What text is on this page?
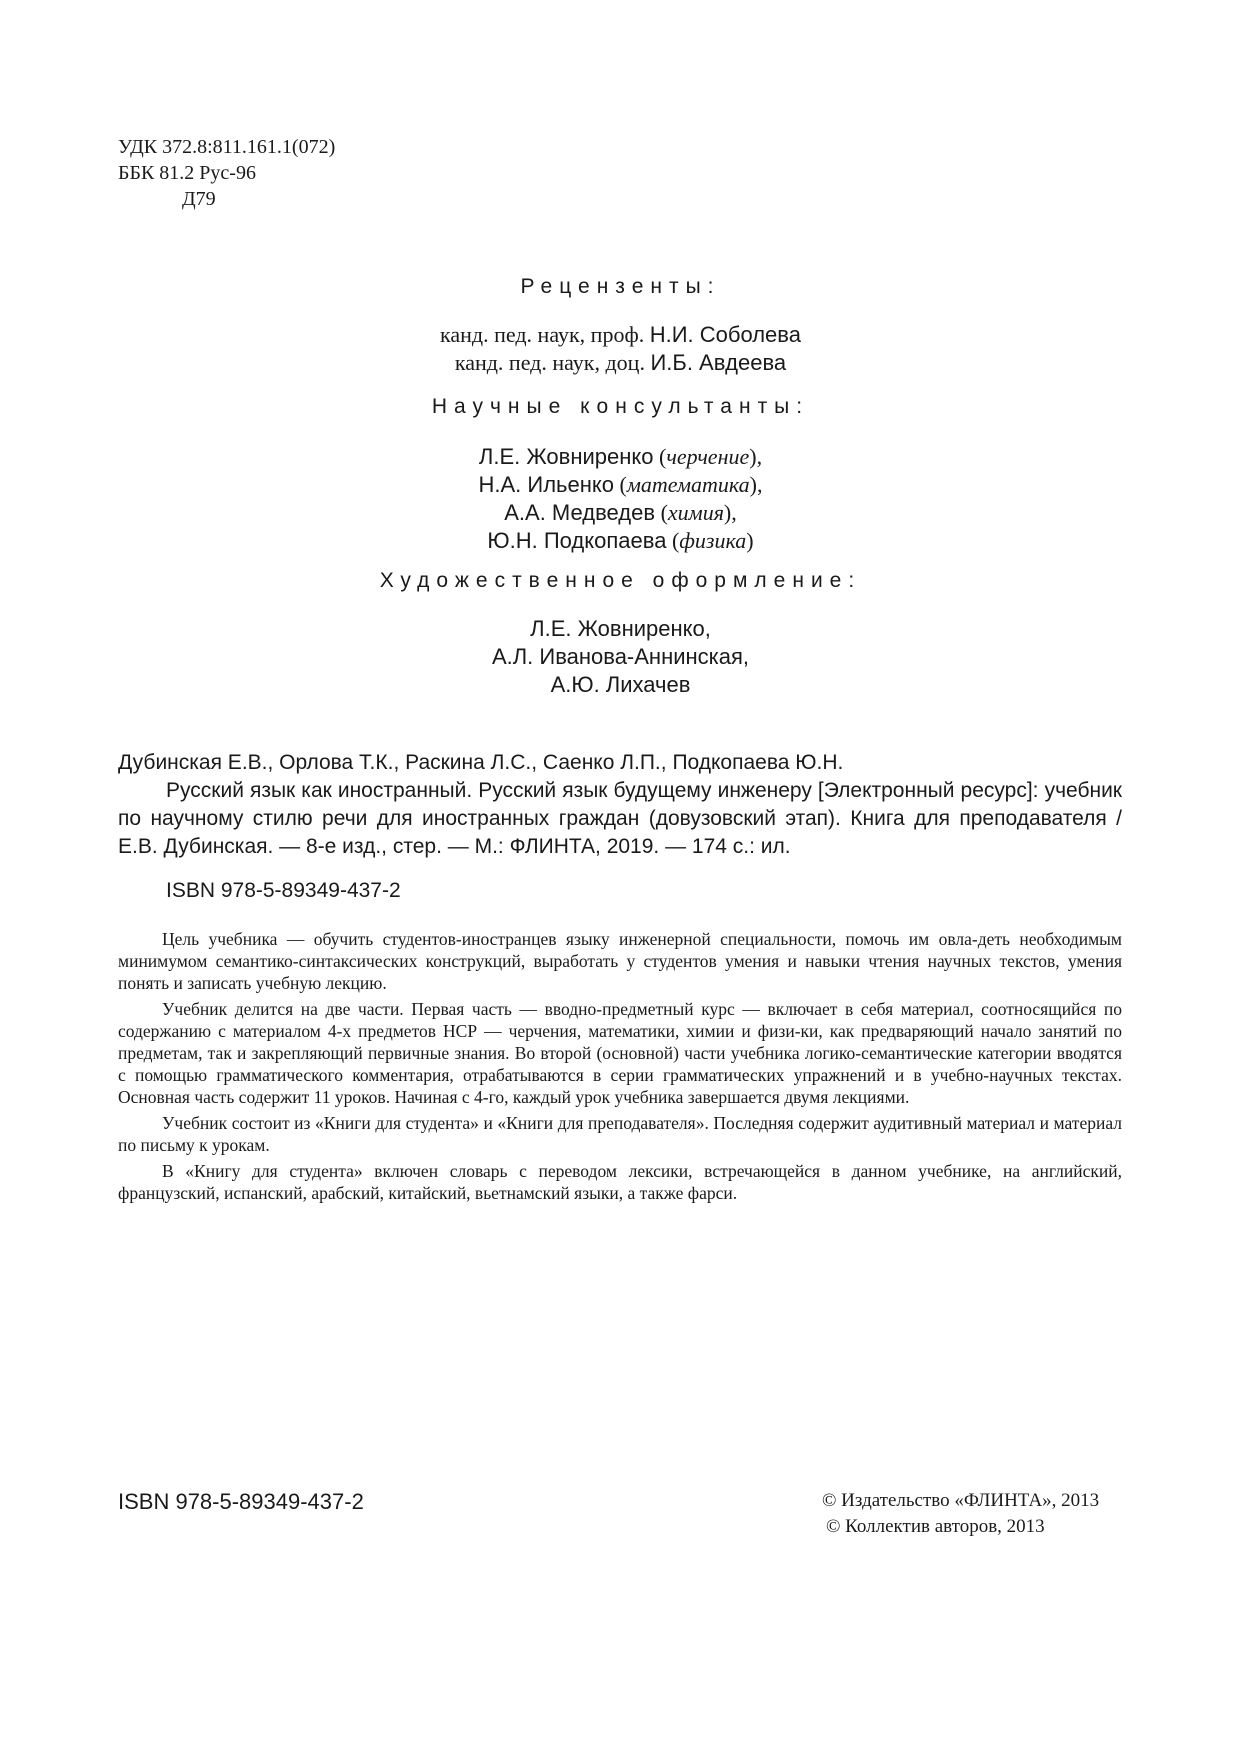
УДК 372.8:811.161.1(072)
ББК 81.2 Рус-96
Д79
Рецензенты:
канд. пед. наук, проф. Н.И. Соболева
канд. пед. наук, доц. И.Б. Авдеева
Научные консультанты:
Л.Е. Жовниренко (черчение),
Н.А. Ильенко (математика),
А.А. Медведев (химия),
Ю.Н. Подкопаева (физика)
Художественное оформление:
Л.Е. Жовниренко,
А.Л. Иванова-Аннинская,
А.Ю. Лихачев
Дубинская Е.В., Орлова Т.К., Раскина Л.С., Саенко Л.П., Подкопаева Ю.Н.

Русский язык как иностранный. Русский язык будущему инженеру [Электронный ресурс]: учебник по научному стилю речи для иностранных граждан (довузовский этап). Книга для преподавателя / Е.В. Дубинская. — 8-е изд., стер. — М.: ФЛИНТА, 2019. — 174 с.: ил.

ISBN 978-5-89349-437-2

Цель учебника — обучить студентов-иностранцев языку инженерной специальности, помочь им овла-деть необходимым минимумом семантико-синтаксических конструкций, выработать у студентов умения и навыки чтения научных текстов, умения понять и записать учебную лекцию.

Учебник делится на две части. Первая часть — вводно-предметный курс — включает в себя материал, соотносящийся по содержанию с материалом 4-х предметов НСР — черчения, математики, химии и физи-ки, как предваряющий начало занятий по предметам, так и закрепляющий первичные знания. Во второй (основной) части учебника логико-семантические категории вводятся с помощью грамматического комментария, отрабатываются в серии грамматических упражнений и в учебно-научных текстах. Основная часть содержит 11 уроков. Начиная с 4-го, каждый урок учебника завершается двумя лекциями.

Учебник состоит из «Книги для студента» и «Книги для преподавателя». Последняя содержит аудитивный материал и материал по письму к урокам.

В «Книгу для студента» включен словарь с переводом лексики, встречающейся в данном учебнике, на английский, французский, испанский, арабский, китайский, вьетнамский языки, а также фарси.

ISBN 978-5-89349-437-2	© Издательство «ФЛИНТА», 2013
© Коллектив авторов, 2013
